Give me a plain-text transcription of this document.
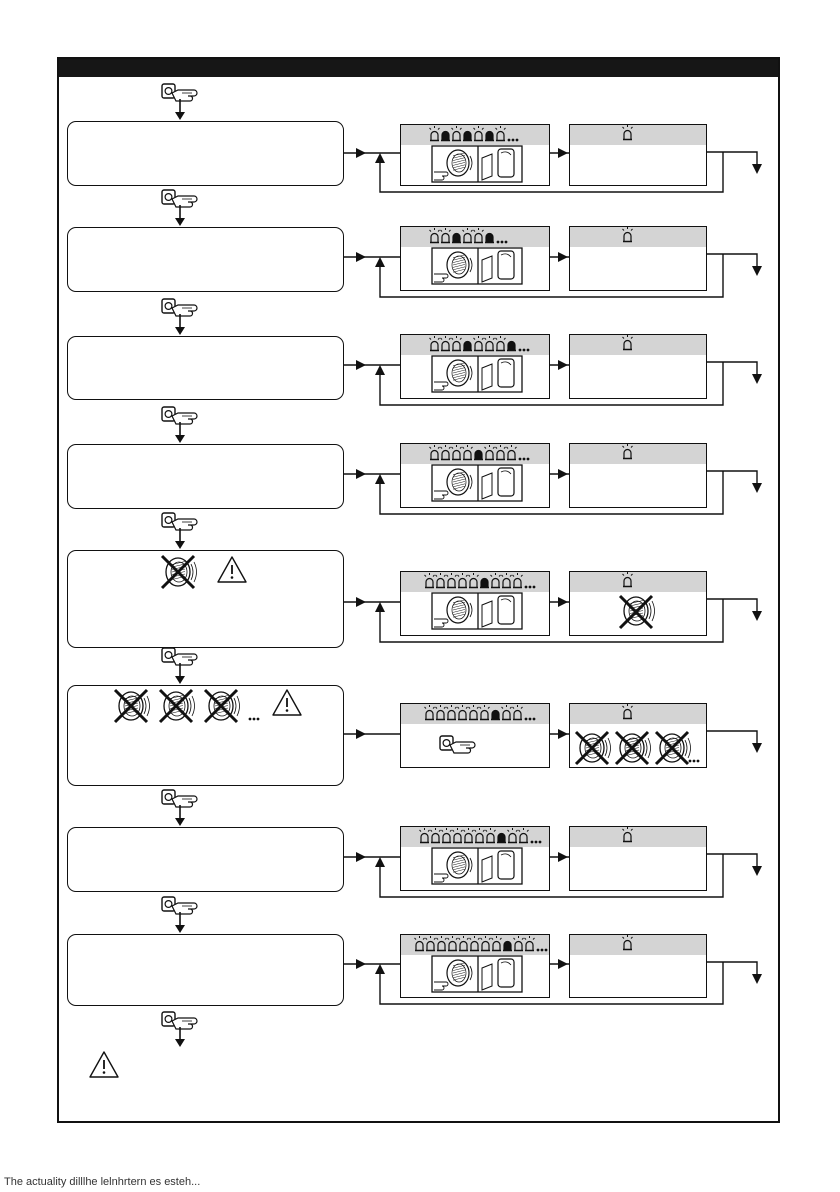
The actuality dilllhe lelnhrtern es esteh...
